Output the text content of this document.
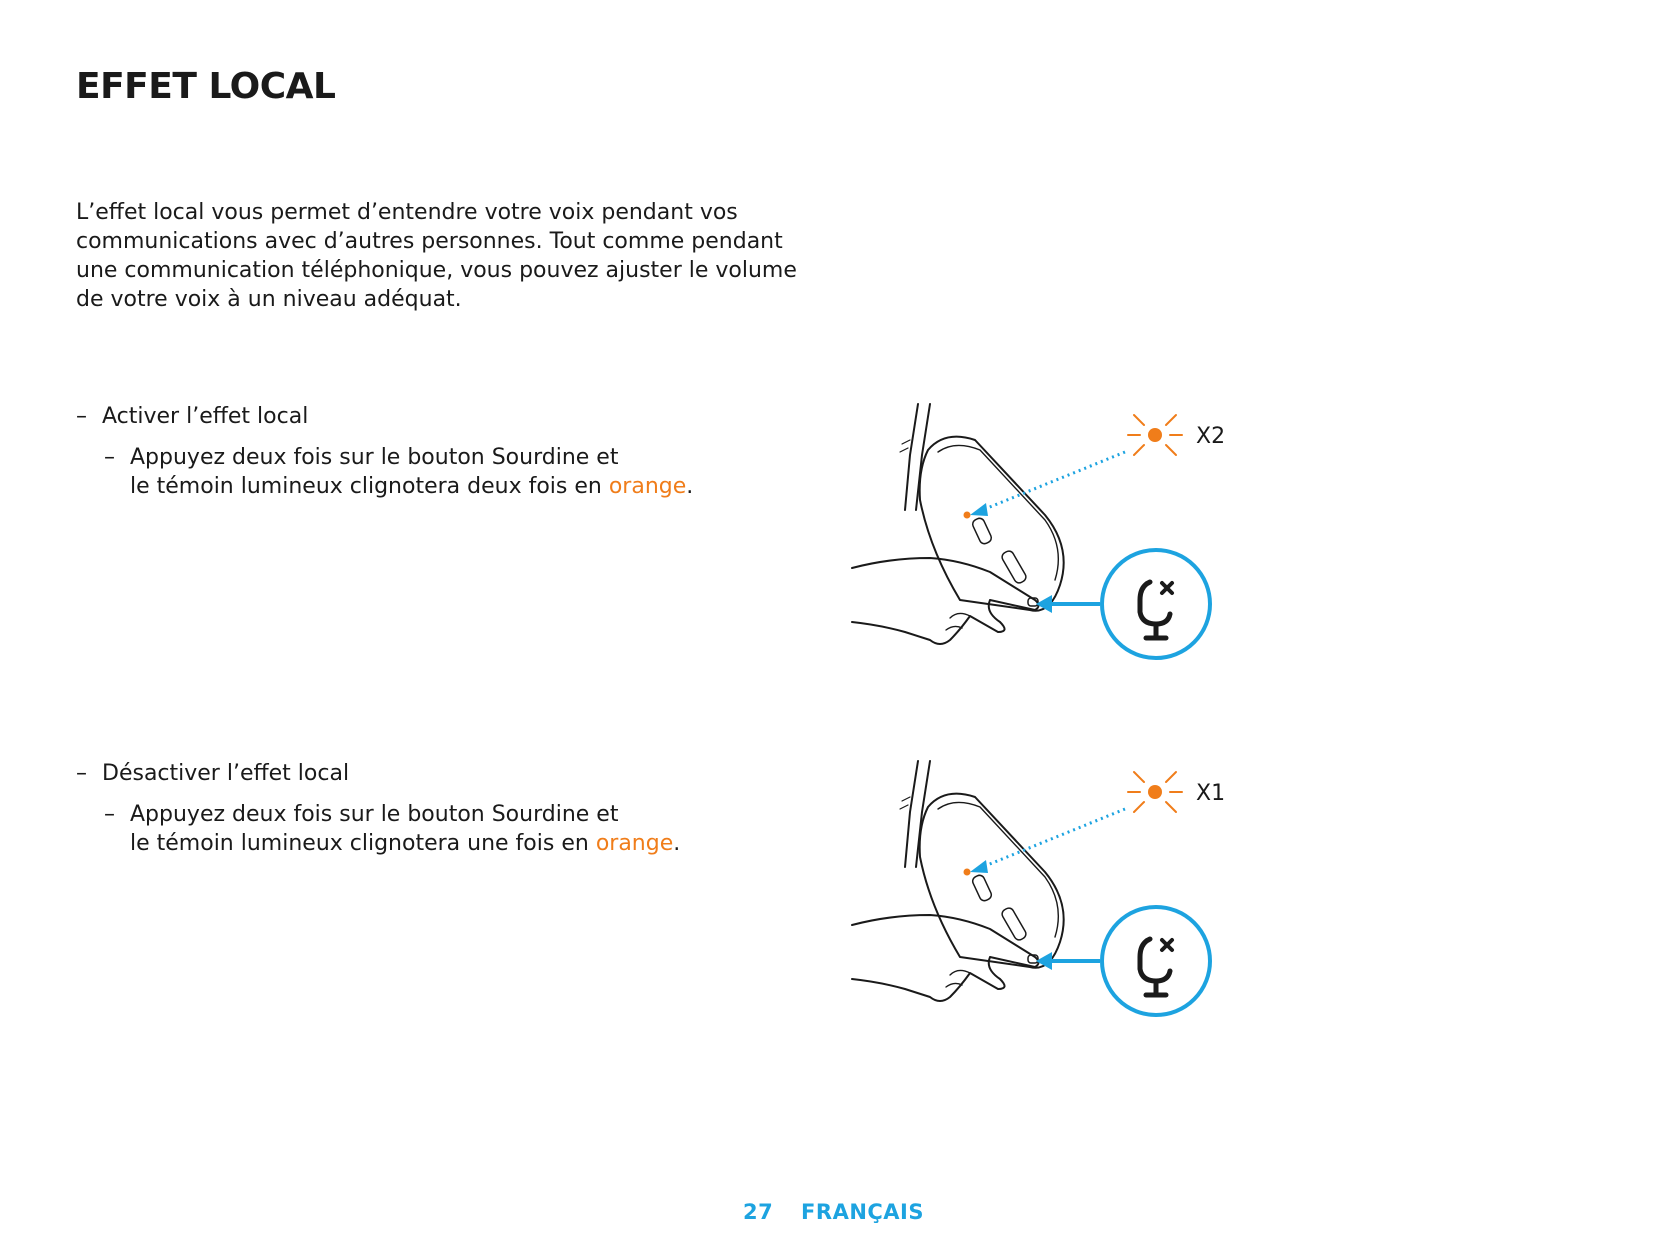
EFFET LOCAL
L’effet local vous permet d’entendre votre voix pendant vos
communications avec d’autres personnes. Tout comme pendant
une communication téléphonique, vous pouvez ajuster le volume
de votre voix à un niveau adéquat.
– Activer l’effet local
– Appuyez deux fois sur le bouton Sourdine et
le témoin lumineux clignotera deux fois en orange.
– Désactiver l’effet local
– Appuyez deux fois sur le bouton Sourdine et
le témoin lumineux clignotera une fois en orange.
X2
X1
27 FRANÇAIS
